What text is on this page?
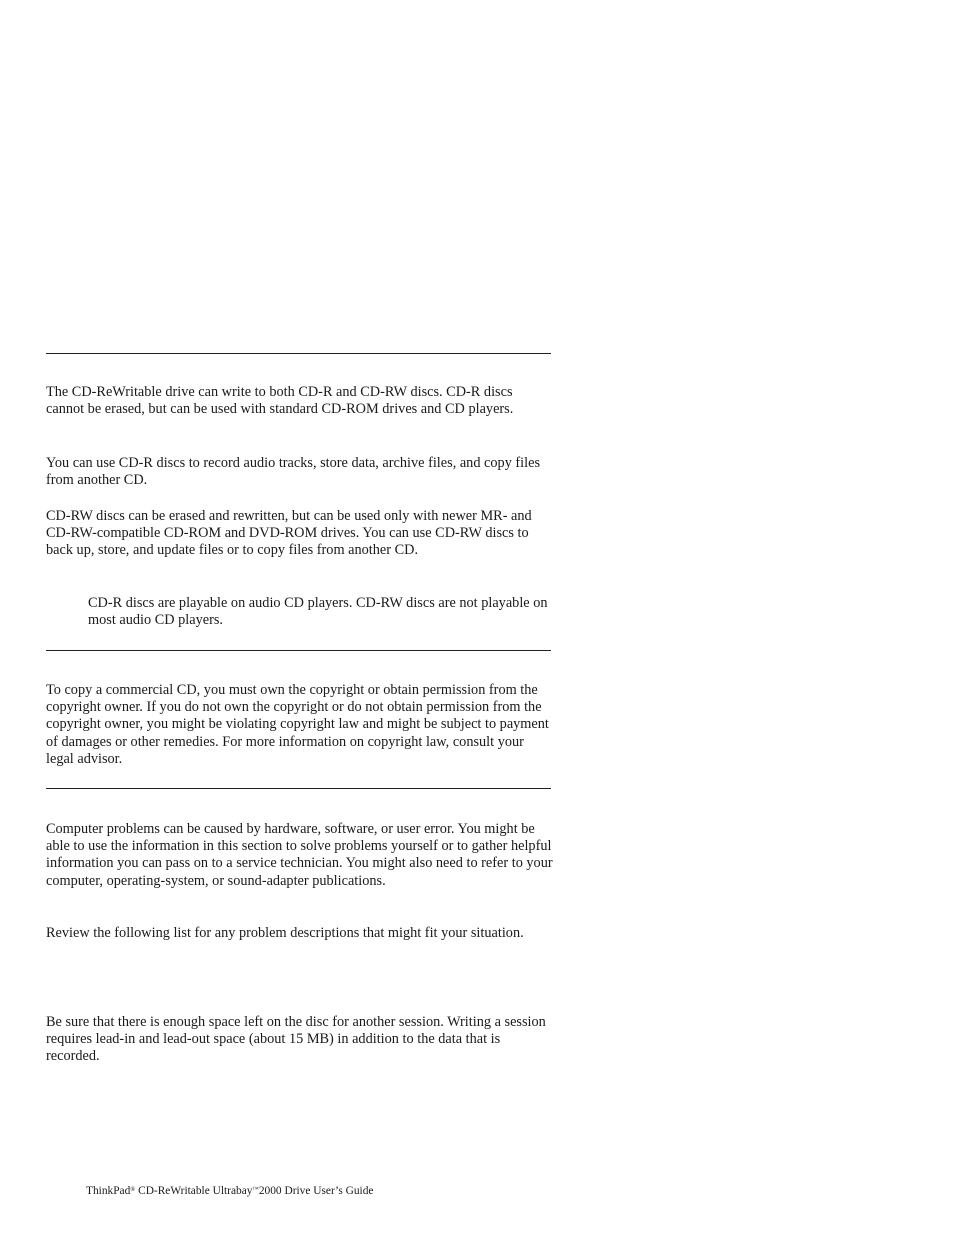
The CD-ReWritable drive can write to both CD-R and CD-RW discs. CD-R discs cannot be erased, but can be used with standard CD-ROM drives and CD players.

You can use CD-R discs to record audio tracks, store data, archive files, and copy files from another CD.

CD-RW discs can be erased and rewritten, but can be used only with newer MR- and CD-RW-compatible CD-ROM and DVD-ROM drives. You can use CD-RW discs to back up, store, and update files or to copy files from another CD.

CD-R discs are playable on audio CD players. CD-RW discs are not playable on most audio CD players.

To copy a commercial CD, you must own the copyright or obtain permission from the copyright owner. If you do not own the copyright or do not obtain permission from the copyright owner, you might be violating copyright law and might be subject to payment of damages or other remedies. For more information on copyright law, consult your legal advisor.

Computer problems can be caused by hardware, software, or user error. You might be able to use the information in this section to solve problems yourself or to gather helpful information you can pass on to a service technician. You might also need to refer to your computer, operating-system, or sound-adapter publications.

Review the following list for any problem descriptions that might fit your situation.

Be sure that there is enough space left on the disc for another session. Writing a session requires lead-in and lead-out space (about 15 MB) in addition to the data that is recorded.

ThinkPad® CD-ReWritable Ultrabay™2000 Drive User’s Guide
